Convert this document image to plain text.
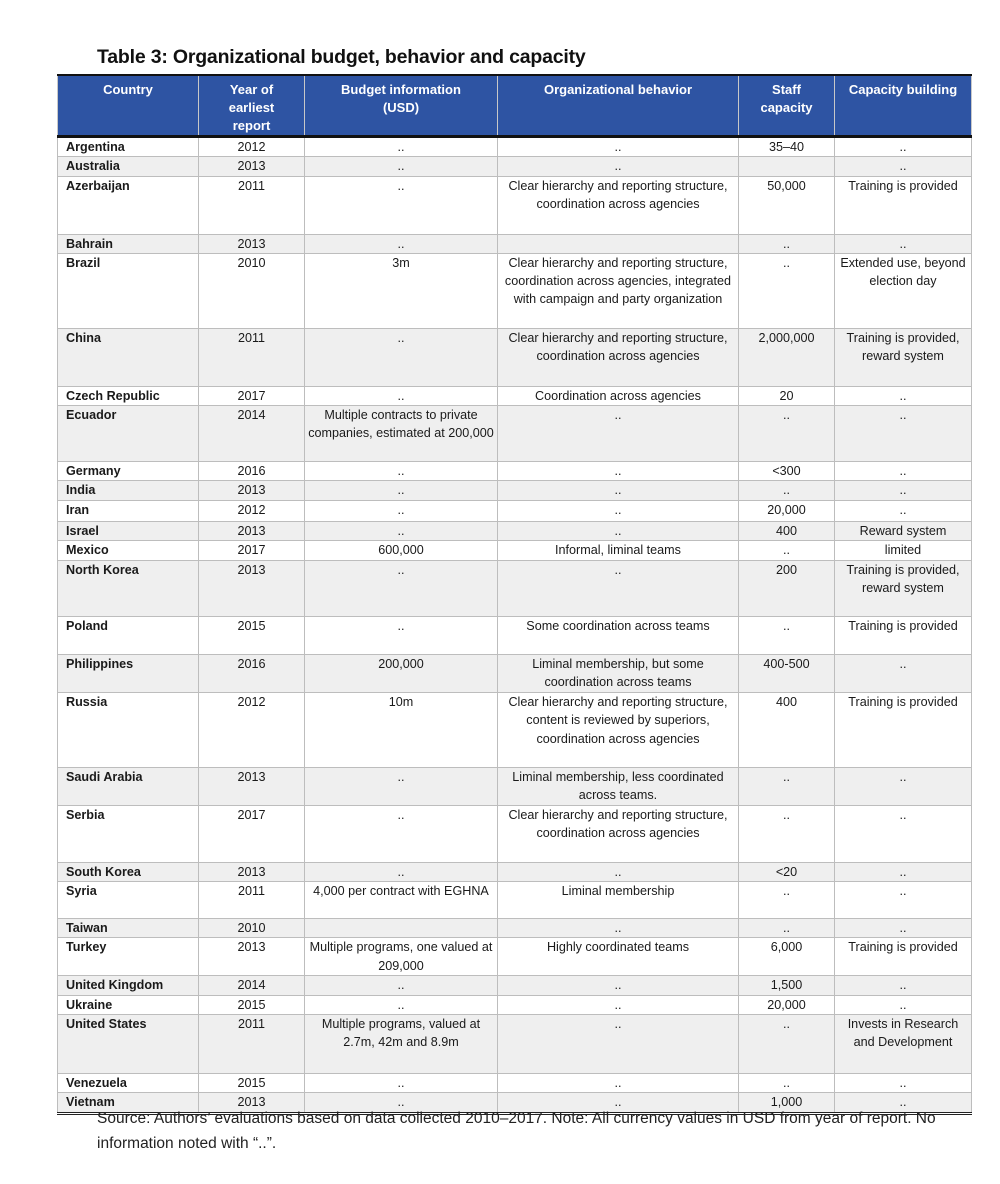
Table 3: Organizational budget, behavior and capacity
Country	Year of earliest report	Budget information (USD)	Organizational behavior	Staff capacity	Capacity building
Argentina	2012	..	..	35–40	..
Australia	2013	..	..		..
Azerbaijan	2011	..	Clear hierarchy and reporting structure, coordination across agencies	50,000	Training is provided
Bahrain	2013	..		..	..
Brazil	2010	3m	Clear hierarchy and reporting structure, coordination across agencies, integrated with campaign and party organization	..	Extended use, beyond election day
China	2011	..	Clear hierarchy and reporting structure, coordination across agencies	2,000,000	Training is provided, reward system
Czech Republic	2017	..	Coordination across agencies	20	..
Ecuador	2014	Multiple contracts to private companies, estimated at 200,000	..	..	..
Germany	2016	..	..	<300	..
India	2013	..	..	..	..
Iran	2012	..	..	20,000	..
Israel	2013	..	..	400	Reward system
Mexico	2017	600,000	Informal, liminal teams	..	limited
North Korea	2013	..	..	200	Training is provided, reward system
Poland	2015	..	Some coordination across teams	..	Training is provided
Philippines	2016	200,000	Liminal membership, but some coordination across teams	400-500	..
Russia	2012	10m	Clear hierarchy and reporting structure, content is reviewed by superiors, coordination across agencies	400	Training is provided
Saudi Arabia	2013	..	Liminal membership, less coordinated across teams.	..	..
Serbia	2017	..	Clear hierarchy and reporting structure, coordination across agencies	..	..
South Korea	2013	..	..	<20	..
Syria	2011	4,000 per contract with EGHNA	Liminal membership	..	..
Taiwan	2010		..	..	..
Turkey	2013	Multiple programs, one valued at 209,000	Highly coordinated teams	6,000	Training is provided
United Kingdom	2014	..	..	1,500	..
Ukraine	2015	..	..	20,000	..
United States	2011	Multiple programs, valued at 2.7m, 42m and 8.9m	..	..	Invests in Research and Development
Venezuela	2015	..	..	..	..
Vietnam	2013	..	..	1,000	..
Source: Authors’ evaluations based on data collected 2010–2017. Note: All currency values in USD from year of report. No information noted with “..”.
